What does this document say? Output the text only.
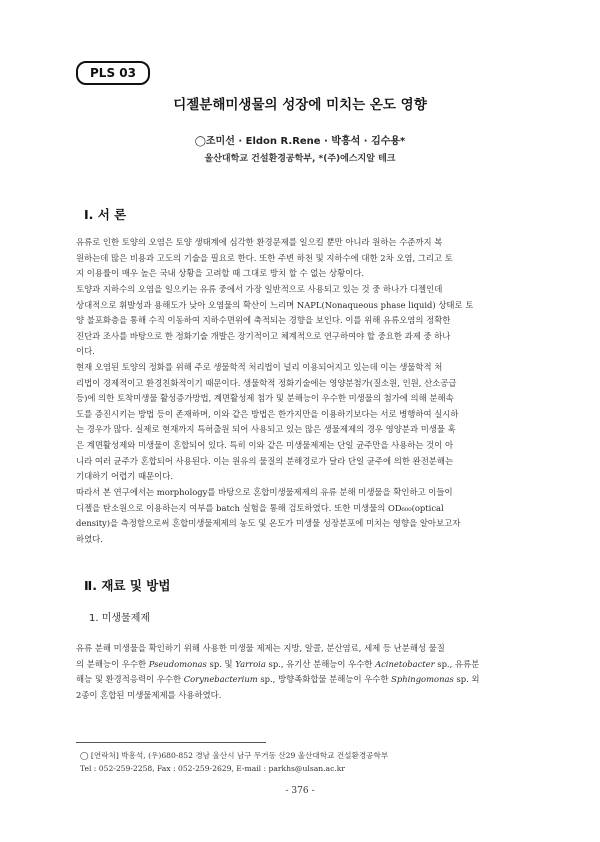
PLS 03
디젤분해미생물의 성장에 미치는 온도 영향
◯조미선 · Eldon R.Rene · 박흥석 · 김수용*
울산대학교 건설환경공학부, *(주)에스지알 테크
Ⅰ. 서 론
유류로 인한 토양의 오염은 토양 생태계에 심각한 환경문제를 일으킬 뿐만 아니라 원하는 수준까지 복
원하는데 많은 비용과 고도의 기술을 필요로 한다. 또한 주변 하천 및 지하수에 대한 2차 오염, 그리고 토
지 이용률이 매우 높은 국내 상황을 고려할 때 그대로 방치 할 수 없는 상황이다.
토양과 지하수의 오염을 일으키는 유류 중에서 가장 일반적으로 사용되고 있는 것 중 하나가 디젤인데
상대적으로 휘발성과 용해도가 낮아 오염물의 확산이 느리며 NAPL(Nonaqueous phase liquid) 상태로 토
양 불포화층을 통해 수직 이동하여 지하수면위에 축적되는 경향을 보인다. 이를 위해 유류오염의 정확한
진단과 조사를 바탕으로 한 정화기술 개발은 장기적이고 체계적으로 연구하여야 할 중요한 과제 중 하나
이다.
현재 오염된 토양의 정화를 위해 주로 생물학적 처리법이 널리 이용되어지고 있는데 이는 생물학적 처
리법이 경제적이고 환경친화적이기 때문이다. 생물학적 정화기술에는 영양분첨가(질소원, 인원, 산소공급
등)에 의한 토착미생물 활성증가방법, 계면활성제 첨가 및 분해능이 우수한 미생물의 첨가에 의해 분해속
도를 증진시키는 방법 등이 존재하며, 이와 같은 방법은 한가지만을 이용하기보다는 서로 병행하여 실시하
는 경우가 많다. 실제로 현재까지 특허출원 되어 사용되고 있는 많은 생물제제의 경우 영양분과 미생물 혹
은 계면활성제와 미생물이 혼합되어 있다. 특히 이와 같은 미생물제제는 단일 균주만을 사용하는 것이 아
니라 여러 균주가 혼합되어 사용된다. 이는 원유의 물질의 분해경로가 달라 단일 균주에 의한 완전분해는
기대하기 어렵기 때문이다.
따라서 본 연구에서는 morphology를 바탕으로 혼합미생물제제의 유류 분해 미생물을 확인하고 이들이
디젤을 탄소원으로 이용하는지 여부를 batch 실험을 통해 검토하였다. 또한 미생물의 OD₆₀₀(optical
density)을 측정함으로써 혼합미생물제제의 농도 및 온도가 미생물 성장분포에 미치는 영향을 알아보고자
하였다.
Ⅱ. 재료 및 방법
1. 미생물제제
유류 분해 미생물을 확인하기 위해 사용한 미생물 제제는 지방, 알콜, 분산염료, 세제 등 난분해성 물질
의 분해능이 우수한 Pseudomonas sp. 및 Yarroia sp., 유기산 분해능이 우수한 Acinetobacter sp., 유류분
해능 및 환경적응력이 우수한 Corynebacterium sp., 방향족화합물 분해능이 우수한 Sphingomonas sp. 외
2종이 혼합된 미생물제제를 사용하였다.
◯ [연락처] 박흥석, (우)680-852 경남 울산시 남구 무거동 산29 울산대학교 건설환경공학부
Tel : 052-259-2258, Fax : 052-259-2629, E-mail : parkhs@ulsan.ac.kr
- 376 -
